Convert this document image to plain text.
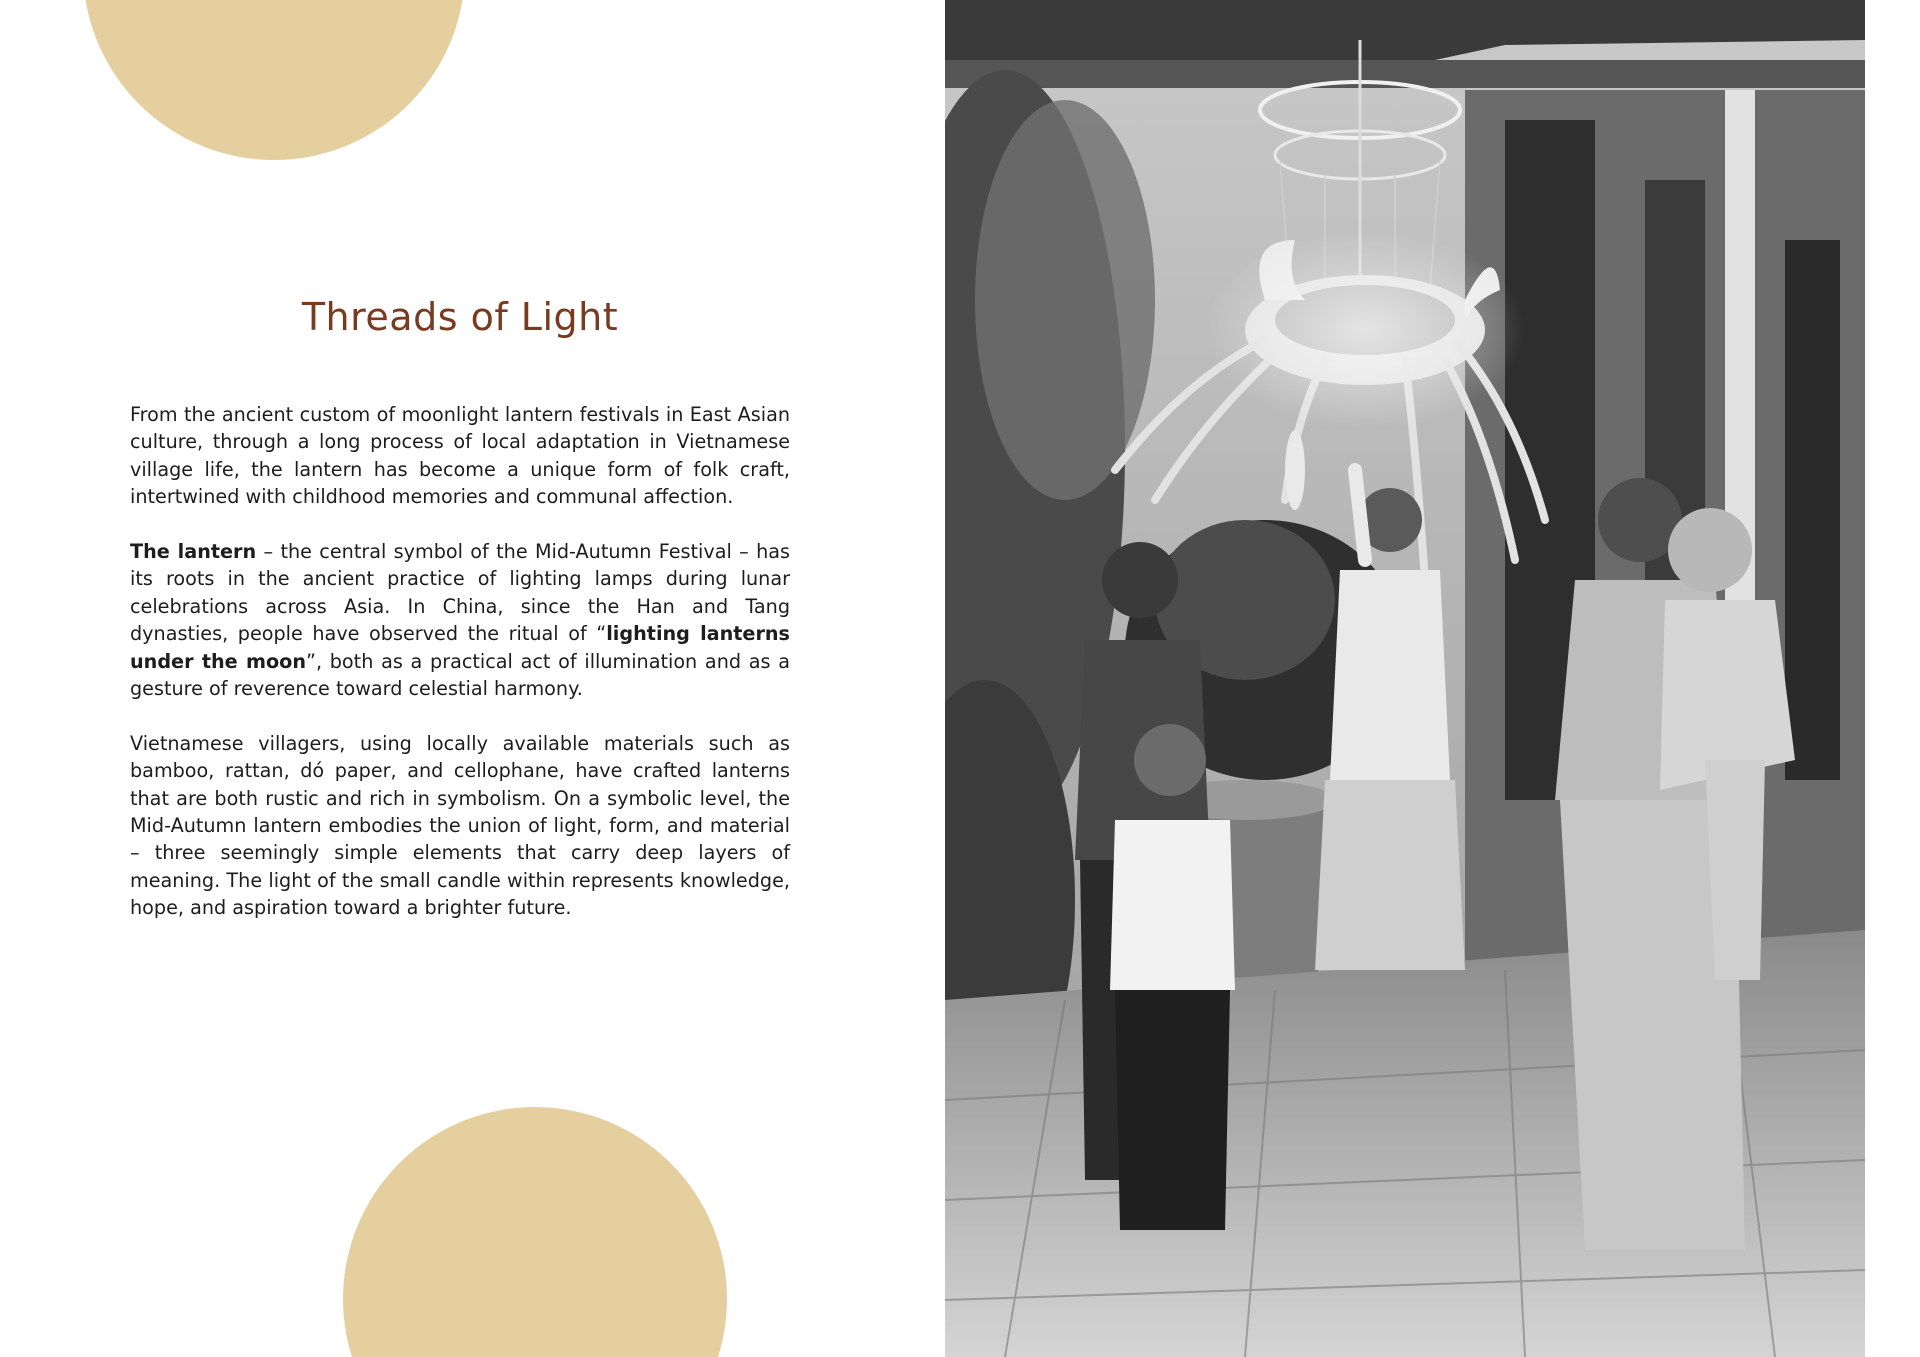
Threads of Light

From the ancient custom of moonlight lantern festivals in East Asian culture, through a long process of local adaptation in Vietnamese village life, the lantern has become a unique form of folk craft, intertwined with childhood memories and communal affection.

The lantern – the central symbol of the Mid-Autumn Festival – has its roots in the ancient practice of lighting lamps during lunar celebrations across Asia. In China, since the Han and Tang dynasties, people have observed the ritual of “lighting lanterns under the moon”, both as a practical act of illumination and as a gesture of reverence toward celestial harmony.

Vietnamese villagers, using locally available materials such as bamboo, rattan, dó paper, and cellophane, have crafted lanterns that are both rustic and rich in symbolism. On a symbolic level, the Mid-Autumn lantern embodies the union of light, form, and material – three seemingly simple elements that carry deep layers of meaning. The light of the small candle within represents knowledge, hope, and aspiration toward a brighter future.
